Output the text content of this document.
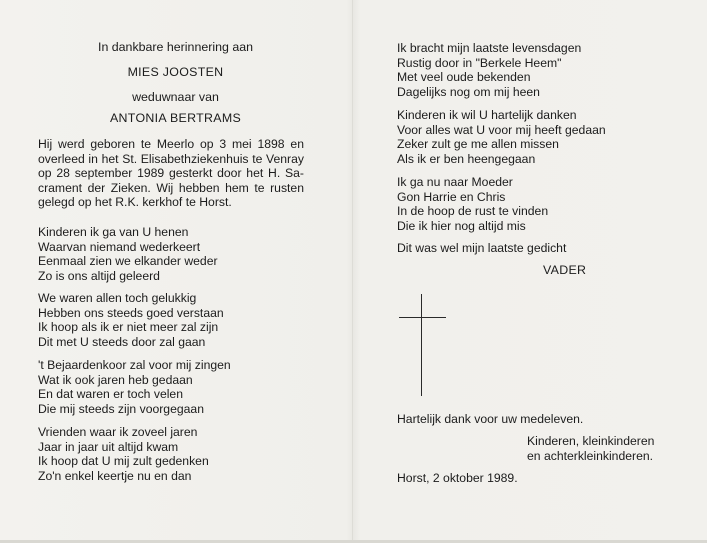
In dankbare herinnering aan
MIES JOOSTEN
weduwnaar van
ANTONIA BERTRAMS
Hij werd geboren te Meerlo op 3 mei 1898 en
overleed in het St. Elisabethziekenhuis te Venray
op 28 september 1989 gesterkt door het H. Sa-
crament der Zieken. Wij hebben hem te rusten
gelegd op het R.K. kerkhof te Horst.
Kinderen ik ga van U henen
Waarvan niemand wederkeert
Eenmaal zien we elkander weder
Zo is ons altijd geleerd
We waren allen toch gelukkig
Hebben ons steeds goed verstaan
Ik hoop als ik er niet meer zal zijn
Dit met U steeds door zal gaan
't Bejaardenkoor zal voor mij zingen
Wat ik ook jaren heb gedaan
En dat waren er toch velen
Die mij steeds zijn voorgegaan
Vrienden waar ik zoveel jaren
Jaar in jaar uit altijd kwam
Ik hoop dat U mij zult gedenken
Zo'n enkel keertje nu en dan
Ik bracht mijn laatste levensdagen
Rustig door in "Berkele Heem"
Met veel oude bekenden
Dagelijks nog om mij heen
Kinderen ik wil U hartelijk danken
Voor alles wat U voor mij heeft gedaan
Zeker zult ge me allen missen
Als ik er ben heengegaan
Ik ga nu naar Moeder
Gon Harrie en Chris
In de hoop de rust te vinden
Die ik hier nog altijd mis
Dit was wel mijn laatste gedicht
VADER
Hartelijk dank voor uw medeleven.
Kinderen, kleinkinderen
en achterkleinkinderen.
Horst, 2 oktober 1989.
